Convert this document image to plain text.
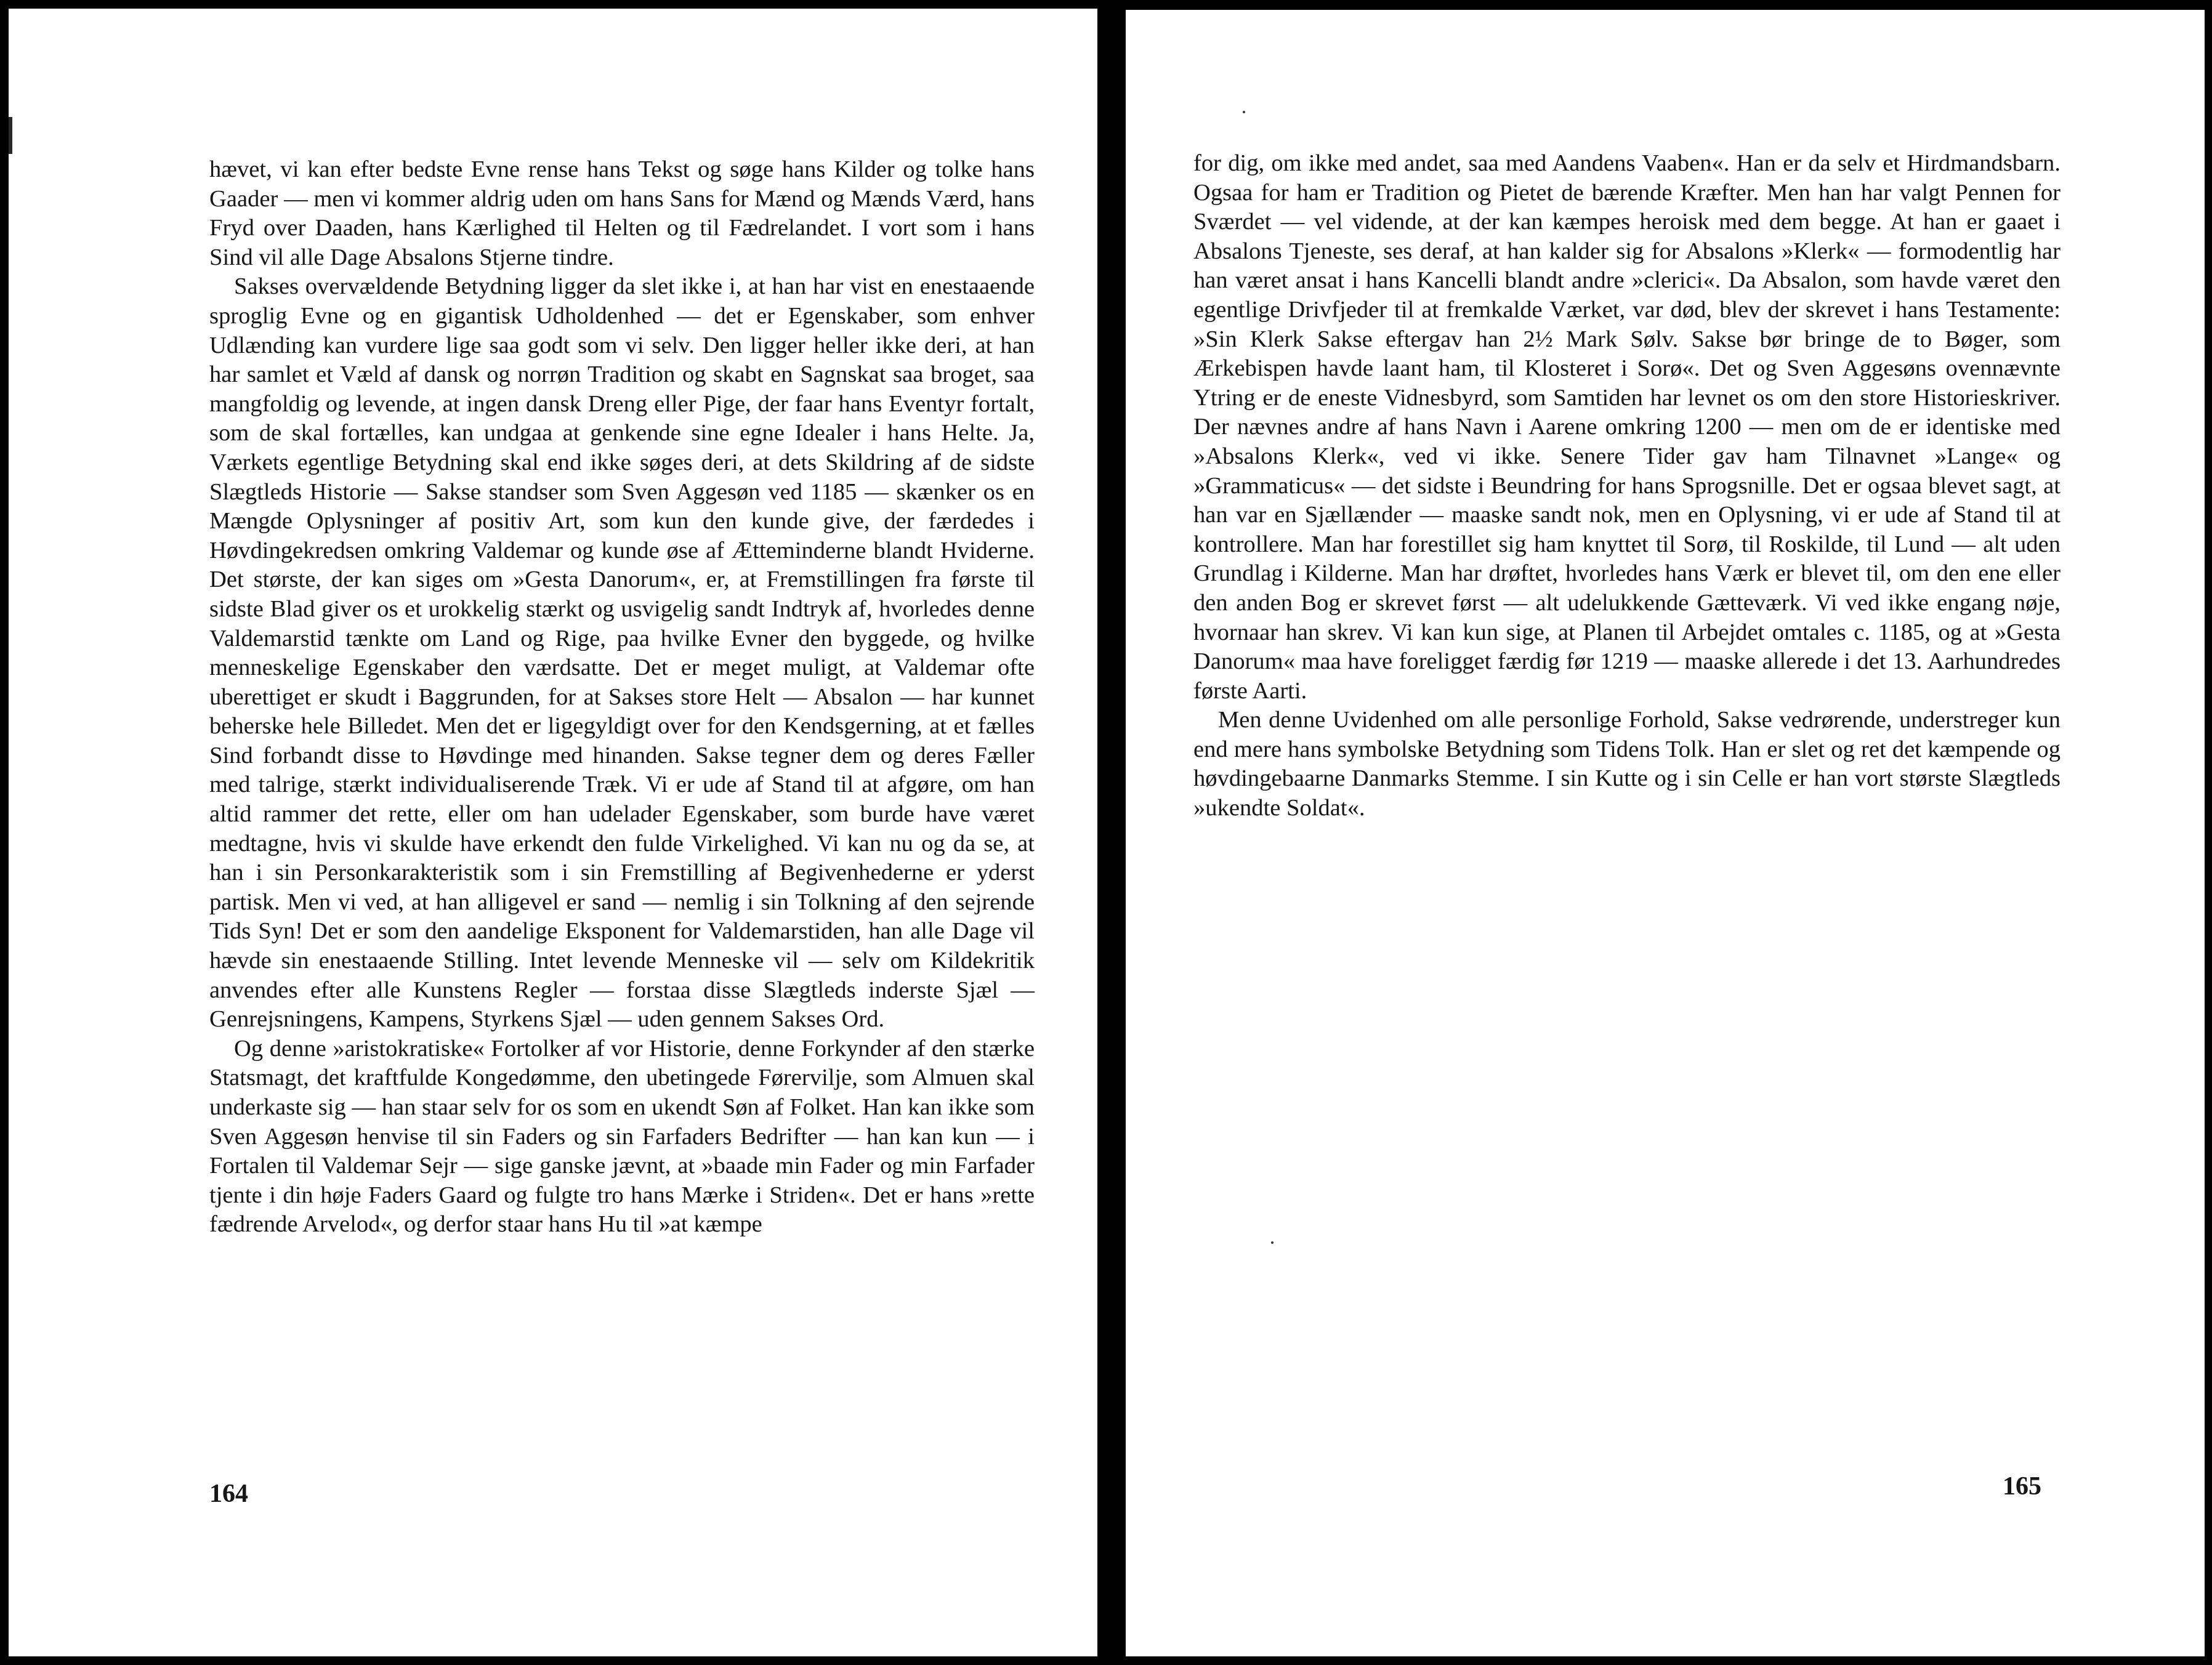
hævet, vi kan efter bedste Evne rense hans Tekst og søge hans Kilder og tolke hans Gaader — men vi kommer aldrig uden om hans Sans for Mænd og Mænds Værd, hans Fryd over Daaden, hans Kærlighed til Helten og til Fædrelandet. I vort som i hans Sind vil alle Dage Absalons Stjerne tindre.

Sakses overvældende Betydning ligger da slet ikke i, at han har vist en enestaaende sproglig Evne og en gigantisk Udholdenhed — det er Egenskaber, som enhver Udlænding kan vurdere lige saa godt som vi selv. Den ligger heller ikke deri, at han har samlet et Væld af dansk og norrøn Tradition og skabt en Sagnskat saa broget, saa mangfoldig og levende, at ingen dansk Dreng eller Pige, der faar hans Eventyr fortalt, som de skal fortælles, kan undgaa at genkende sine egne Idealer i hans Helte. Ja, Værkets egentlige Betydning skal end ikke søges deri, at dets Skildring af de sidste Slægtleds Historie — Sakse standser som Sven Aggesøn ved 1185 — skænker os en Mængde Oplysninger af positiv Art, som kun den kunde give, der færdedes i Høvdingekredsen omkring Valdemar og kunde øse af Ætteminderne blandt Hviderne. Det største, der kan siges om »Gesta Danorum«, er, at Fremstillingen fra første til sidste Blad giver os et urokkelig stærkt og usvigelig sandt Indtryk af, hvorledes denne Valdemarstid tænkte om Land og Rige, paa hvilke Evner den byggede, og hvilke menneskelige Egenskaber den værdsatte. Det er meget muligt, at Valdemar ofte uberettiget er skudt i Baggrunden, for at Sakses store Helt — Absalon — har kunnet beherske hele Billedet. Men det er ligegyldigt over for den Kendsgerning, at et fælles Sind forbandt disse to Høvdinge med hinanden. Sakse tegner dem og deres Fæller med talrige, stærkt individualiserende Træk. Vi er ude af Stand til at afgøre, om han altid rammer det rette, eller om han udelader Egenskaber, som burde have været medtagne, hvis vi skulde have erkendt den fulde Virkelighed. Vi kan nu og da se, at han i sin Personkarakteristik som i sin Fremstilling af Begivenhederne er yderst partisk. Men vi ved, at han alligevel er sand — nemlig i sin Tolkning af den sejrende Tids Syn! Det er som den aandelige Eksponent for Valdemarstiden, han alle Dage vil hævde sin enestaaende Stilling. Intet levende Menneske vil — selv om Kildekritik anvendes efter alle Kunstens Regler — forstaa disse Slægtleds inderste Sjæl — Genrejsningens, Kampens, Styrkens Sjæl — uden gennem Sakses Ord.

Og denne »aristokratiske« Fortolker af vor Historie, denne Forkynder af den stærke Statsmagt, det kraftfulde Kongedømme, den ubetingede Førervilje, som Almuen skal underkaste sig — han staar selv for os som en ukendt Søn af Folket. Han kan ikke som Sven Aggesøn henvise til sin Faders og sin Farfaders Bedrifter — han kan kun — i Fortalen til Valdemar Sejr — sige ganske jævnt, at »baade min Fader og min Farfader tjente i din høje Faders Gaard og fulgte tro hans Mærke i Striden«. Det er hans »rette fædrende Arvelod«, og derfor staar hans Hu til »at kæmpe

164

for dig, om ikke med andet, saa med Aandens Vaaben«. Han er da selv et Hirdmandsbarn. Ogsaa for ham er Tradition og Pietet de bærende Kræfter. Men han har valgt Pennen for Sværdet — vel vidende, at der kan kæmpes heroisk med dem begge. At han er gaaet i Absalons Tjeneste, ses deraf, at han kalder sig for Absalons »Klerk« — formodentlig har han været ansat i hans Kancelli blandt andre »clerici«. Da Absalon, som havde været den egentlige Drivfjeder til at fremkalde Værket, var død, blev der skrevet i hans Testamente: »Sin Klerk Sakse eftergav han 2½ Mark Sølv. Sakse bør bringe de to Bøger, som Ærkebispen havde laant ham, til Klosteret i Sorø«. Det og Sven Aggesøns ovennævnte Ytring er de eneste Vidnesbyrd, som Samtiden har levnet os om den store Historieskriver. Der nævnes andre af hans Navn i Aarene omkring 1200 — men om de er identiske med »Absalons Klerk«, ved vi ikke. Senere Tider gav ham Tilnavnet »Lange« og »Grammaticus« — det sidste i Beundring for hans Sprogsnille. Det er ogsaa blevet sagt, at han var en Sjællænder — maaske sandt nok, men en Oplysning, vi er ude af Stand til at kontrollere. Man har forestillet sig ham knyttet til Sorø, til Roskilde, til Lund — alt uden Grundlag i Kilderne. Man har drøftet, hvorledes hans Værk er blevet til, om den ene eller den anden Bog er skrevet først — alt udelukkende Gætteværk. Vi ved ikke engang nøje, hvornaar han skrev. Vi kan kun sige, at Planen til Arbejdet omtales c. 1185, og at »Gesta Danorum« maa have foreligget færdig før 1219 — maaske allerede i det 13. Aarhundredes første Aarti.

Men denne Uvidenhed om alle personlige Forhold, Sakse vedrørende, understreger kun end mere hans symbolske Betydning som Tidens Tolk. Han er slet og ret det kæmpende og høvdingebaarne Danmarks Stemme. I sin Kutte og i sin Celle er han vort største Slægtleds »ukendte Soldat«.

165
